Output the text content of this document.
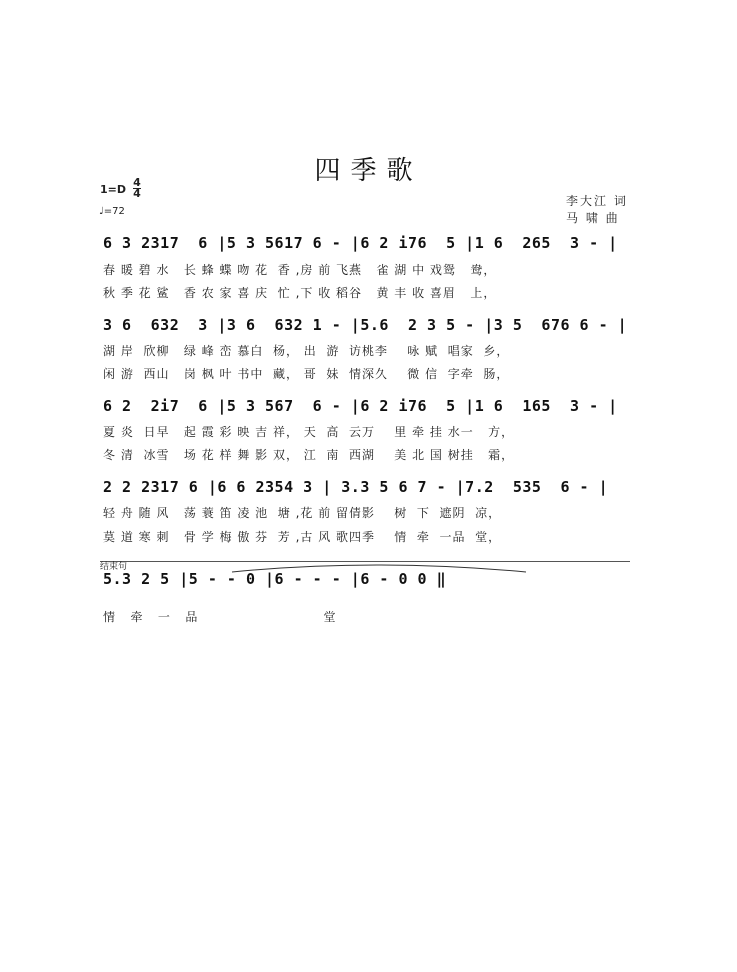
四季歌
1=D
4
4
♩=72
李大江 词
马 啸 曲
6 3 2317  6 |5 3 5617 6 - |6 2 i76  5 |1 6  265  3 - |
春 暖 碧 水   长 蜂 蝶 吻 花  香 ,房 前 飞燕   雀 湖 中 戏鸳   鸯，
秋 季 花 鲨   香 农 家 喜 庆  忙 ,下 收 稻谷   黄 丰 收 喜眉   上，
3 6  632  3 |3 6  632 1 - |5.6  2 3 5 - |3 5  676 6 - |
湖 岸  欣柳   绿 峰 峦 慕白  杨， 出  游  访桃李    咏 赋  唱家  乡，
闲 游  西山   岗 枫 叶 书中  藏， 哥  妹  情深久    微 信  字牵  肠，
6 2  2i7  6 |5 3 567  6 - |6 2 i76  5 |1 6  165  3 - |
夏 炎  日早   起 霞 彩 映 吉 祥， 天  高  云万    里 牵 挂 水一   方，
冬 清  冰雪   场 花 样 舞 影 双， 江  南  西湖    美 北 国 树挂   霜，
2 2 2317 6 |6 6 2354 3 | 3.3 5 6 7 - |7.2  535  6 - |
轻 舟 随 风   荡 蓑 笛 凌 池  塘 ,花 前 留倩影    树  下  遮阴  凉，
莫 道 寒 刺   骨 学 梅 傲 芬  芳 ,古 风 歌四季    情  牵  一品  堂，
结束句
5.3 2 5 |5 - - 0 |6 - - - |6 - 0 0 ‖
情   牵   一   品                          堂
